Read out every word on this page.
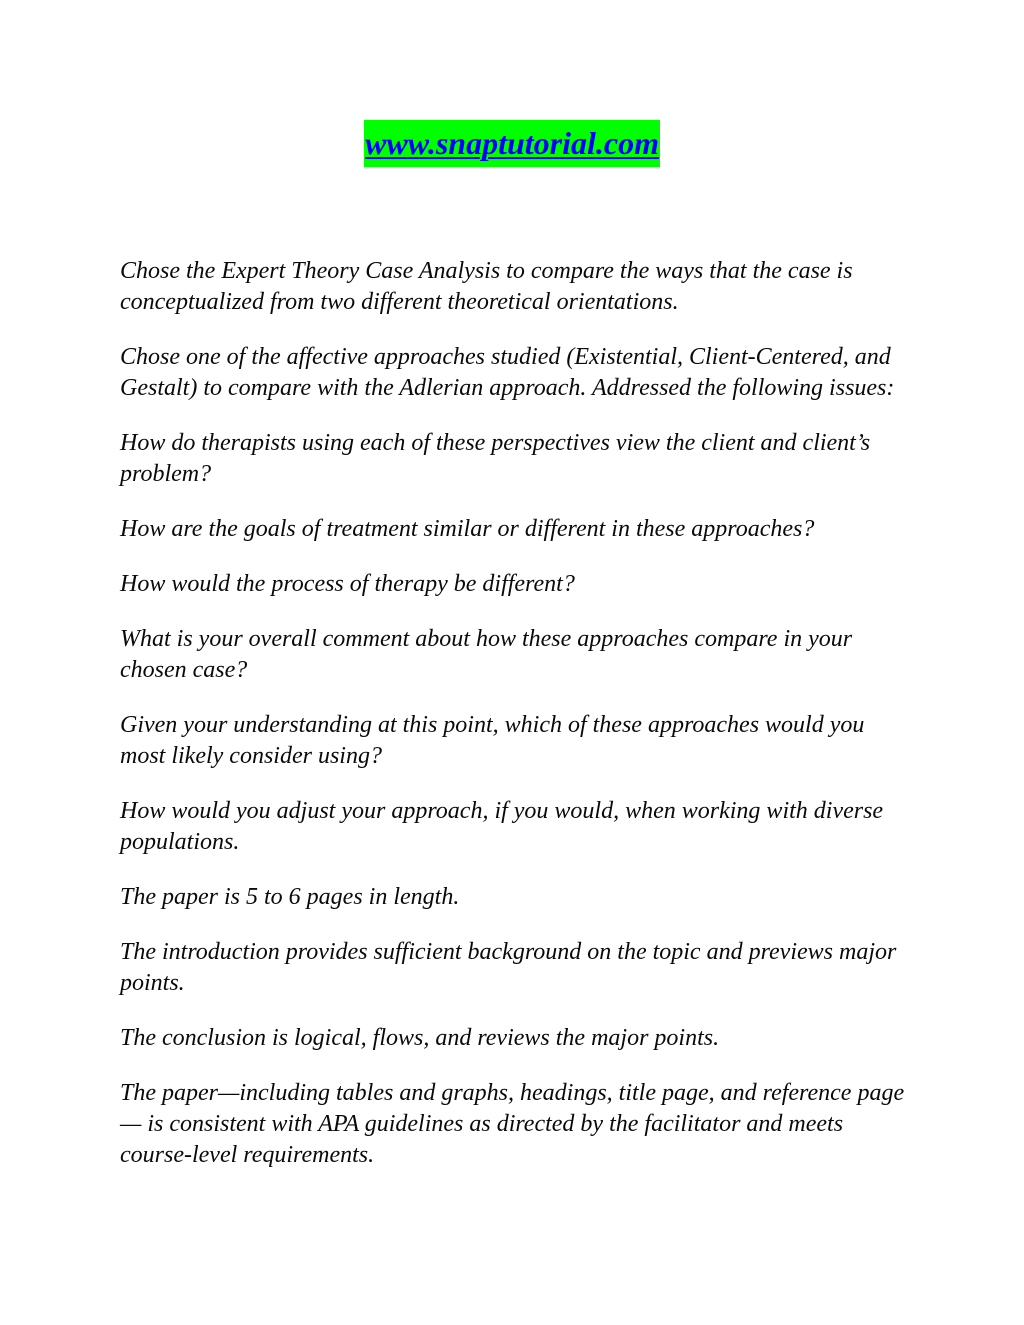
www.snaptutorial.com

Chose the Expert Theory Case Analysis to compare the ways that the case is conceptualized from two different theoretical orientations.

Chose one of the affective approaches studied (Existential, Client-Centered, and Gestalt) to compare with the Adlerian approach. Addressed the following issues:

How do therapists using each of these perspectives view the client and client’s problem?

How are the goals of treatment similar or different in these approaches?

How would the process of therapy be different?

What is your overall comment about how these approaches compare in your chosen case?

Given your understanding at this point, which of these approaches would you most likely consider using?

How would you adjust your approach, if you would, when working with diverse populations.

The paper is 5 to 6 pages in length.

The introduction provides sufficient background on the topic and previews major points.

The conclusion is logical, flows, and reviews the major points.

The paper—including tables and graphs, headings, title page, and reference page— is consistent with APA guidelines as directed by the facilitator and meets course-level requirements.
